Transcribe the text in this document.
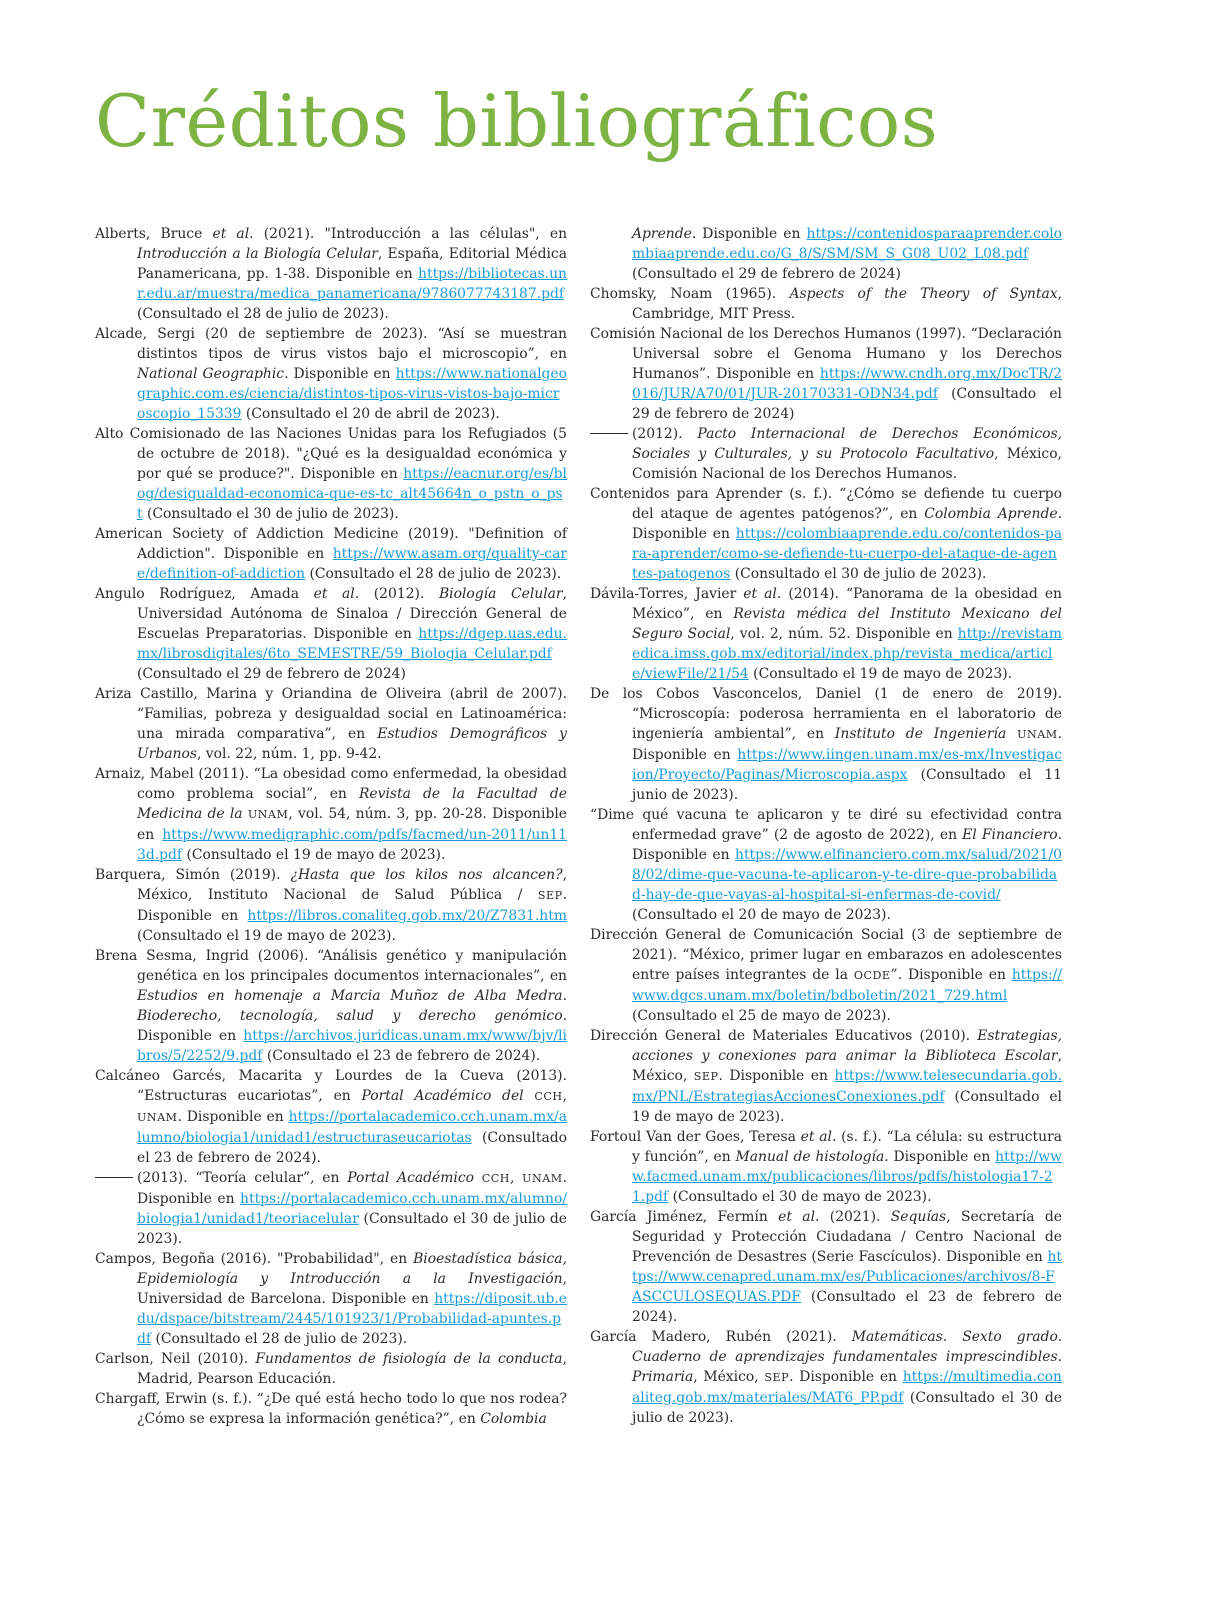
Créditos bibliográficos

Alberts, Bruce et al. (2021). "Introducción a las células", en Introducción a la Biología Celular, España, Editorial Médica Panamericana, pp. 1-38. Disponible en https://bibliotecas.unr.edu.ar/muestra/medica_panamericana/9786077743187.pdf (Consultado el 28 de julio de 2023).

Alcade, Sergi (20 de septiembre de 2023). “Así se muestran distintos tipos de virus vistos bajo el microscopio”, en National Geographic. Disponible en https://www.nationalgeographic.com.es/ciencia/distintos-tipos-virus-vistos-bajo-microscopio_15339 (Consultado el 20 de abril de 2023).

Alto Comisionado de las Naciones Unidas para los Refugiados (5 de octubre de 2018). "¿Qué es la desigualdad económica y por qué se produce?". Disponible en https://eacnur.org/es/blog/desigualdad-economica-que-es-tc_alt45664n_o_pstn_o_pst (Consultado el 30 de julio de 2023).

American Society of Addiction Medicine (2019). "Definition of Addiction". Disponible en https://www.asam.org/quality-care/definition-of-addiction (Consultado el 28 de julio de 2023).

Angulo Rodríguez, Amada et al. (2012). Biología Celular, Universidad Autónoma de Sinaloa / Dirección General de Escuelas Preparatorias. Disponible en https://dgep.uas.edu.mx/librosdigitales/6to_SEMESTRE/59_Biologia_Celular.pdf (Consultado el 29 de febrero de 2024)

Ariza Castillo, Marina y Oriandina de Oliveira (abril de 2007). “Familias, pobreza y desigualdad social en Latinoamérica: una mirada comparativa”, en Estudios Demográficos y Urbanos, vol. 22, núm. 1, pp. 9-42.

Arnaiz, Mabel (2011). “La obesidad como enfermedad, la obesidad como problema social”, en Revista de la Facultad de Medicina de la UNAM, vol. 54, núm. 3, pp. 20-28. Disponible en https://www.medigraphic.com/pdfs/facmed/un-2011/un113d.pdf (Consultado el 19 de mayo de 2023).

Barquera, Simón (2019). ¿Hasta que los kilos nos alcancen?, México, Instituto Nacional de Salud Pública / SEP. Disponible en https://libros.conaliteg.gob.mx/20/Z7831.htm (Consultado el 19 de mayo de 2023).

Brena Sesma, Ingrid (2006). “Análisis genético y manipulación genética en los principales documentos internacionales”, en Estudios en homenaje a Marcia Muñoz de Alba Medra. Bioderecho, tecnología, salud y derecho genómico. Disponible en https://archivos.juridicas.unam.mx/www/bjv/libros/5/2252/9.pdf (Consultado el 23 de febrero de 2024).

Calcáneo Garcés, Macarita y Lourdes de la Cueva (2013). “Estructuras eucariotas”, en Portal Académico del CCH, UNAM. Disponible en https://portalacademico.cch.unam.mx/alumno/biologia1/unidad1/estructuraseucariotas (Consultado el 23 de febrero de 2024).

(2013). “Teoría celular”, en Portal Académico CCH, UNAM. Disponible en https://portalacademico.cch.unam.mx/alumno/biologia1/unidad1/teoriacelular (Consultado el 30 de julio de 2023).

Campos, Begoña (2016). "Probabilidad", en Bioestadística básica, Epidemiología y Introducción a la Investigación, Universidad de Barcelona. Disponible en https://diposit.ub.edu/dspace/bitstream/2445/101923/1/Probabilidad-apuntes.pdf (Consultado el 28 de julio de 2023).

Carlson, Neil (2010). Fundamentos de fisiología de la conducta, Madrid, Pearson Educación.

Chargaff, Erwin (s. f.). “¿De qué está hecho todo lo que nos rodea? ¿Cómo se expresa la información genética?”, en Colombia

Aprende. Disponible en https://contenidosparaaprender.colombiaaprende.edu.co/G_8/S/SM/SM_S_G08_U02_L08.pdf (Consultado el 29 de febrero de 2024)

Chomsky, Noam (1965). Aspects of the Theory of Syntax, Cambridge, MIT Press.

Comisión Nacional de los Derechos Humanos (1997). “Declaración Universal sobre el Genoma Humano y los Derechos Humanos”. Disponible en https://www.cndh.org.mx/DocTR/2016/JUR/A70/01/JUR-20170331-ODN34.pdf (Consultado el 29 de febrero de 2024)

(2012). Pacto Internacional de Derechos Económicos, Sociales y Culturales, y su Protocolo Facultativo, México, Comisión Nacional de los Derechos Humanos.

Contenidos para Aprender (s. f.). “¿Cómo se defiende tu cuerpo del ataque de agentes patógenos?”, en Colombia Aprende. Disponible en https://colombiaaprende.edu.co/contenidos-para-aprender/como-se-defiende-tu-cuerpo-del-ataque-de-agentes-patogenos (Consultado el 30 de julio de 2023).

Dávila-Torres, Javier et al. (2014). “Panorama de la obesidad en México”, en Revista médica del Instituto Mexicano del Seguro Social, vol. 2, núm. 52. Disponible en http://revistamedica.imss.gob.mx/editorial/index.php/revista_medica/article/viewFile/21/54 (Consultado el 19 de mayo de 2023).

De los Cobos Vasconcelos, Daniel (1 de enero de 2019). “Microscopía: poderosa herramienta en el laboratorio de ingeniería ambiental”, en Instituto de Ingeniería UNAM. Disponible en https://www.iingen.unam.mx/es-mx/Investigacion/Proyecto/Paginas/Microscopia.aspx (Consultado el 11 junio de 2023).

“Dime qué vacuna te aplicaron y te diré su efectividad contra enfermedad grave” (2 de agosto de 2022), en El Financiero. Disponible en https://www.elfinanciero.com.mx/salud/2021/08/02/dime-que-vacuna-te-aplicaron-y-te-dire-que-probabilidad-hay-de-que-vayas-al-hospital-si-enfermas-de-covid/ (Consultado el 20 de mayo de 2023).

Dirección General de Comunicación Social (3 de septiembre de 2021). “México, primer lugar en embarazos en adolescentes entre países integrantes de la OCDE”. Disponible en https://www.dgcs.unam.mx/boletin/bdboletin/2021_729.html (Consultado el 25 de mayo de 2023).

Dirección General de Materiales Educativos (2010). Estrategias, acciones y conexiones para animar la Biblioteca Escolar, México, SEP. Disponible en https://www.telesecundaria.gob.mx/PNL/EstrategiasAccionesConexiones.pdf (Consultado el 19 de mayo de 2023).

Fortoul Van der Goes, Teresa et al. (s. f.). “La célula: su estructura y función”, en Manual de histología. Disponible en http://www.facmed.unam.mx/publicaciones/libros/pdfs/histologia17-21.pdf (Consultado el 30 de mayo de 2023).

García Jiménez, Fermín et al. (2021). Sequías, Secretaría de Seguridad y Protección Ciudadana / Centro Nacional de Prevención de Desastres (Serie Fascículos). Disponible en https://www.cenapred.unam.mx/es/Publicaciones/archivos/8-FASCCULOSEQUAS.PDF (Consultado el 23 de febrero de 2024).

García Madero, Rubén (2021). Matemáticas. Sexto grado. Cuaderno de aprendizajes fundamentales imprescindibles. Primaria, México, SEP. Disponible en https://multimedia.conaliteg.gob.mx/materiales/MAT6_PP.pdf (Consultado el 30 de julio de 2023).
